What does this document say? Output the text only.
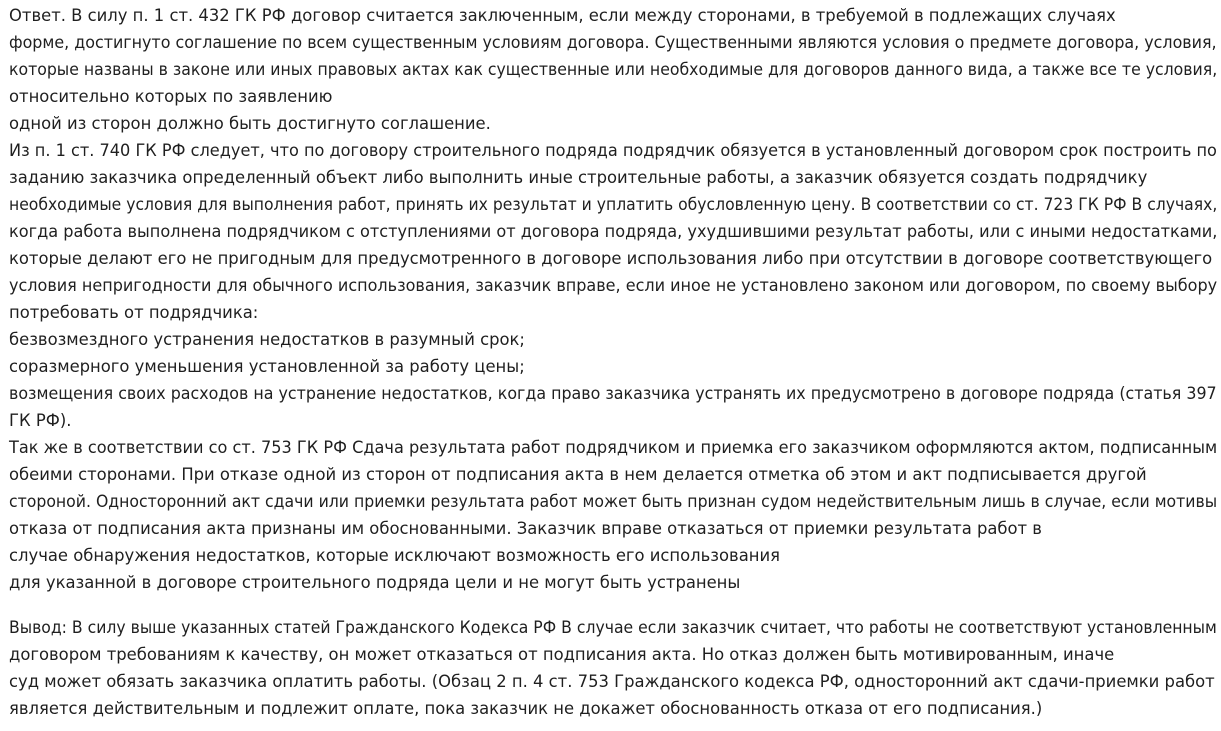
Ответ. В силу п. 1 ст. 432 ГК РФ договор считается заключенным, если между сторонами, в требуемой в подлежащих случаях
форме, достигнуто соглашение по всем существенным условиям договора. Существенными являются условия о предмете договора, условия,
которые названы в законе или иных правовых актах как существенные или необходимые для договоров данного вида, а также все те условия,
относительно которых по заявлению
одной из сторон должно быть достигнуто соглашение.
Из п. 1 ст. 740 ГК РФ следует, что по договору строительного подряда подрядчик обязуется в установленный договором срок построить по
заданию заказчика определенный объект либо выполнить иные строительные работы, а заказчик обязуется создать подрядчику
необходимые условия для выполнения работ, принять их результат и уплатить обусловленную цену. В соответствии со ст. 723 ГК РФ В случаях,
когда работа выполнена подрядчиком с отступлениями от договора подряда, ухудшившими результат работы, или с иными недостатками,
которые делают его не пригодным для предусмотренного в договоре использования либо при отсутствии в договоре соответствующего
условия непригодности для обычного использования, заказчик вправе, если иное не установлено законом или договором, по своему выбору
потребовать от подрядчика:
безвозмездного устранения недостатков в разумный срок;
соразмерного уменьшения установленной за работу цены;
возмещения своих расходов на устранение недостатков, когда право заказчика устранять их предусмотрено в договоре подряда (статья 397
ГК РФ).
Так же в соответствии со ст. 753 ГК РФ Сдача результата работ подрядчиком и приемка его заказчиком оформляются актом, подписанным
обеими сторонами. При отказе одной из сторон от подписания акта в нем делается отметка об этом и акт подписывается другой
стороной. Односторонний акт сдачи или приемки результата работ может быть признан судом недействительным лишь в случае, если мотивы
отказа от подписания акта признаны им обоснованными. Заказчик вправе отказаться от приемки результата работ в
случае обнаружения недостатков, которые исключают возможность его использования
для указанной в договоре строительного подряда цели и не могут быть устранены
Вывод: В силу выше указанных статей Гражданского Кодекса РФ В случае если заказчик считает, что работы не соответствуют установленным
договором требованиям к качеству, он может отказаться от подписания акта. Но отказ должен быть мотивированным, иначе
суд может обязать заказчика оплатить работы. (Обзац 2 п. 4 ст. 753 Гражданского кодекса РФ, односторонний акт сдачи-приемки работ
является действительным и подлежит оплате, пока заказчик не докажет обоснованность отказа от его подписания.)
